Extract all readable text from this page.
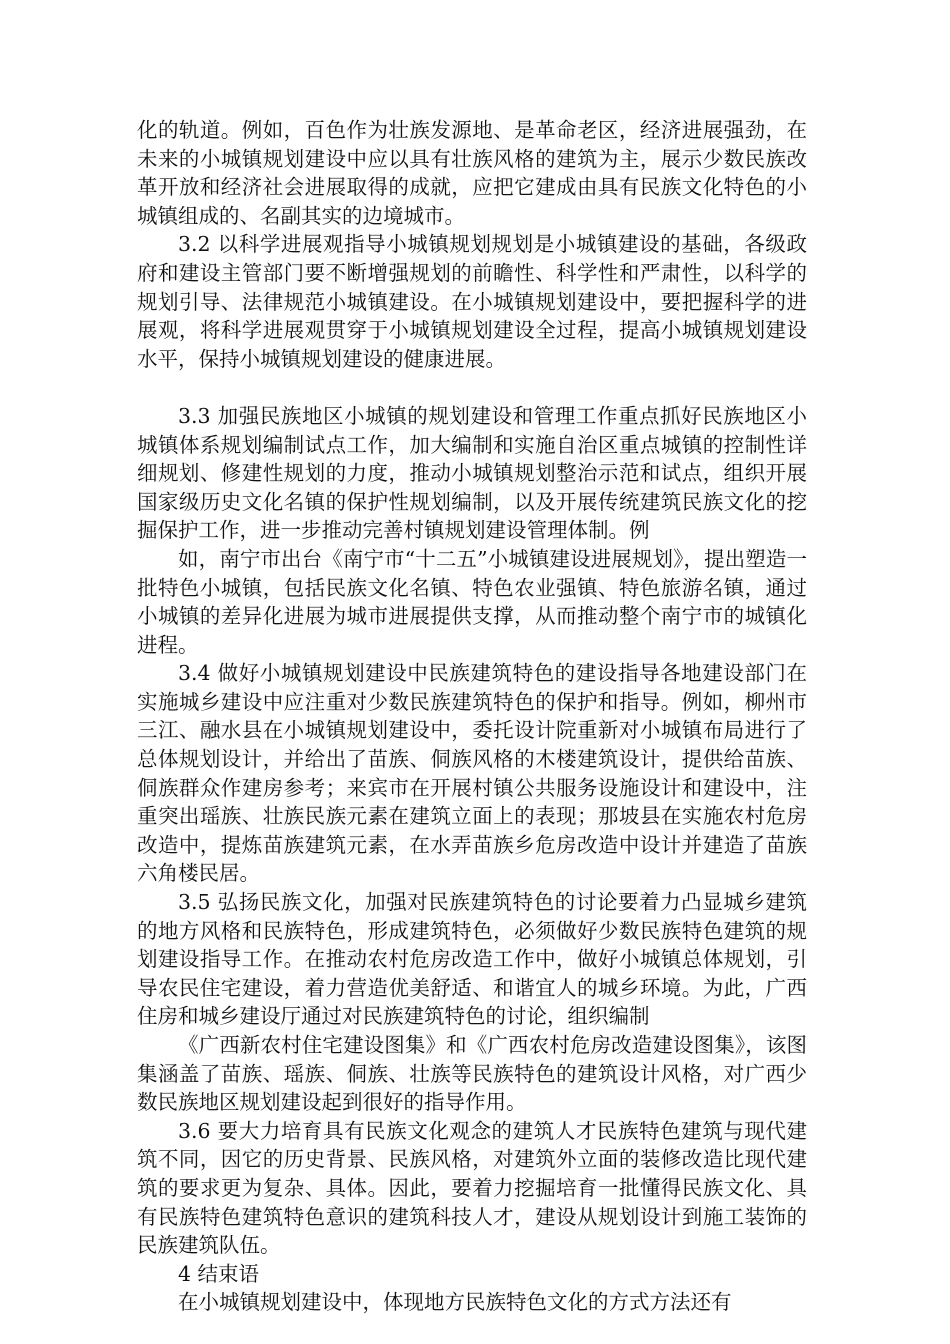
化的轨道。例如，百色作为壮族发源地、是革命老区，经济进展强劲，在未来的小城镇规划建设中应以具有壮族风格的建筑为主，展示少数民族改革开放和经济社会进展取得的成就，应把它建成由具有民族文化特色的小城镇组成的、名副其实的边境城市。

3.2 以科学进展观指导小城镇规划规划是小城镇建设的基础，各级政府和建设主管部门要不断增强规划的前瞻性、科学性和严肃性，以科学的规划引导、法律规范小城镇建设。在小城镇规划建设中，要把握科学的进展观，将科学进展观贯穿于小城镇规划建设全过程，提高小城镇规划建设水平，保持小城镇规划建设的健康进展。

3.3 加强民族地区小城镇的规划建设和管理工作重点抓好民族地区小城镇体系规划编制试点工作，加大编制和实施自治区重点城镇的控制性详细规划、修建性规划的力度，推动小城镇规划整治示范和试点，组织开展国家级历史文化名镇的保护性规划编制，以及开展传统建筑民族文化的挖掘保护工作，进一步推动完善村镇规划建设管理体制。例

如，南宁市出台《南宁市“十二五”小城镇建设进展规划》，提出塑造一批特色小城镇，包括民族文化名镇、特色农业强镇、特色旅游名镇，通过小城镇的差异化进展为城市进展提供支撑，从而推动整个南宁市的城镇化进程。

3.4 做好小城镇规划建设中民族建筑特色的建设指导各地建设部门在实施城乡建设中应注重对少数民族建筑特色的保护和指导。例如，柳州市三江、融水县在小城镇规划建设中，委托设计院重新对小城镇布局进行了总体规划设计，并给出了苗族、侗族风格的木楼建筑设计，提供给苗族、侗族群众作建房参考；来宾市在开展村镇公共服务设施设计和建设中，注重突出瑶族、壮族民族元素在建筑立面上的表现；那坡县在实施农村危房改造中，提炼苗族建筑元素，在水弄苗族乡危房改造中设计并建造了苗族六角楼民居。

3.5 弘扬民族文化，加强对民族建筑特色的讨论要着力凸显城乡建筑的地方风格和民族特色，形成建筑特色，必须做好少数民族特色建筑的规划建设指导工作。在推动农村危房改造工作中，做好小城镇总体规划，引导农民住宅建设，着力营造优美舒适、和谐宜人的城乡环境。为此，广西住房和城乡建设厅通过对民族建筑特色的讨论，组织编制

《广西新农村住宅建设图集》和《广西农村危房改造建设图集》，该图集涵盖了苗族、瑶族、侗族、壮族等民族特色的建筑设计风格，对广西少数民族地区规划建设起到很好的指导作用。

3.6 要大力培育具有民族文化观念的建筑人才民族特色建筑与现代建筑不同，因它的历史背景、民族风格，对建筑外立面的装修改造比现代建筑的要求更为复杂、具体。因此，要着力挖掘培育一批懂得民族文化、具有民族特色建筑特色意识的建筑科技人才，建设从规划设计到施工装饰的民族建筑队伍。

4 结束语

在小城镇规划建设中，体现地方民族特色文化的方式方法还有
